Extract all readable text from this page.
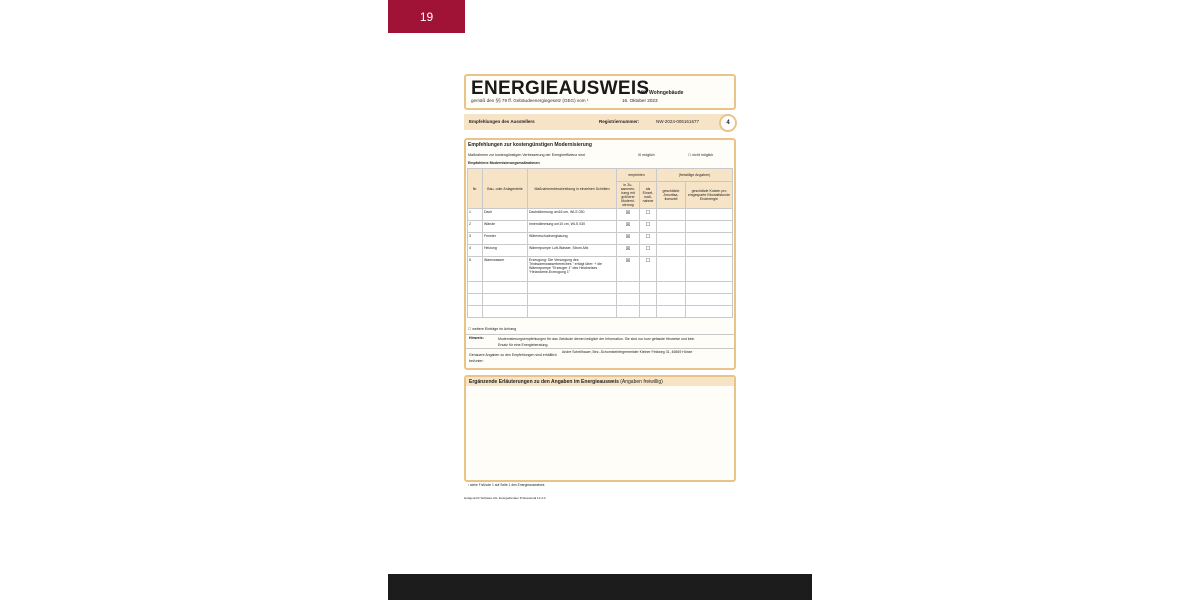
19
ENERGIEAUSWEIS
für Wohngebäude
gemäß den §§ 79 ff. Gebäudeenergiegesetz (GEG) vom ¹	16. Oktober 2023
Empfehlungen des Ausstellers	Registriernummer:	NW-2024-005161677	4
Empfehlungen zur kostengünstigen Modernisierung
Maßnahmen zur kostengünstigen Verbesserung der Energieeffizienz sind	☒ möglich	☐ nicht möglich
Empfohlene Modernisierungsmaßnahmen
Nr.	Bau- oder Anlagenteile	Maßnahmenbeschreibung in einzelnen Schritten	empfohlen		(freiwillige Angaben)	
			in Zu-sammen-hang mit größerer Moderni-sierung	als Einzel-maß-nahme	geschätzte Amortisa-tionszeit	geschätzte Kosten pro eingesparte Kilowattstunde Endenergie
1	Dach	Dachdämmung um16 cm, WLS 030	☒	☐		
2	Wände	Innendämmung um10 cm, WLS 030	☒	☐		
3	Fenster	Wärmeschutzverglasung	☒	☐		
4	Heizung	Wärmepumpe Luft-Wasser, Strom-Mix	☒	☐		
5	Warmwasser	Erzeugung: Die Versorgung des Trinkwarmwasserbereiches " erfolgt über: + die Wärmepumpe "Erzeuger 1" des Heizkreises "Heizwärme-Erzeugung 1"	☒	☐		

☐ weitere Einträge im Anhang
Hinweis:	Modernisierungsempfehlungen für das Gebäude dienen lediglich der Information. Sie sind nur kurz gefasste Hinweise und kein Ersatz für eine Energieberatung.
Genauere Angaben zu den Empfehlungen sind erhältlich bei/unter:
Andre Schellhauer, Bez.-Schornsteinfegermeister Kleiner Feldweg 31, 46569 Hünxe
Ergänzende Erläuterungen zu den Angaben im Energieausweis (Angaben freiwillig)
¹ siehe Fußnote 1 auf Seite 1 des Energieausweises
Hottgenroth Software AG, Energieberater Professional 12.4.0
